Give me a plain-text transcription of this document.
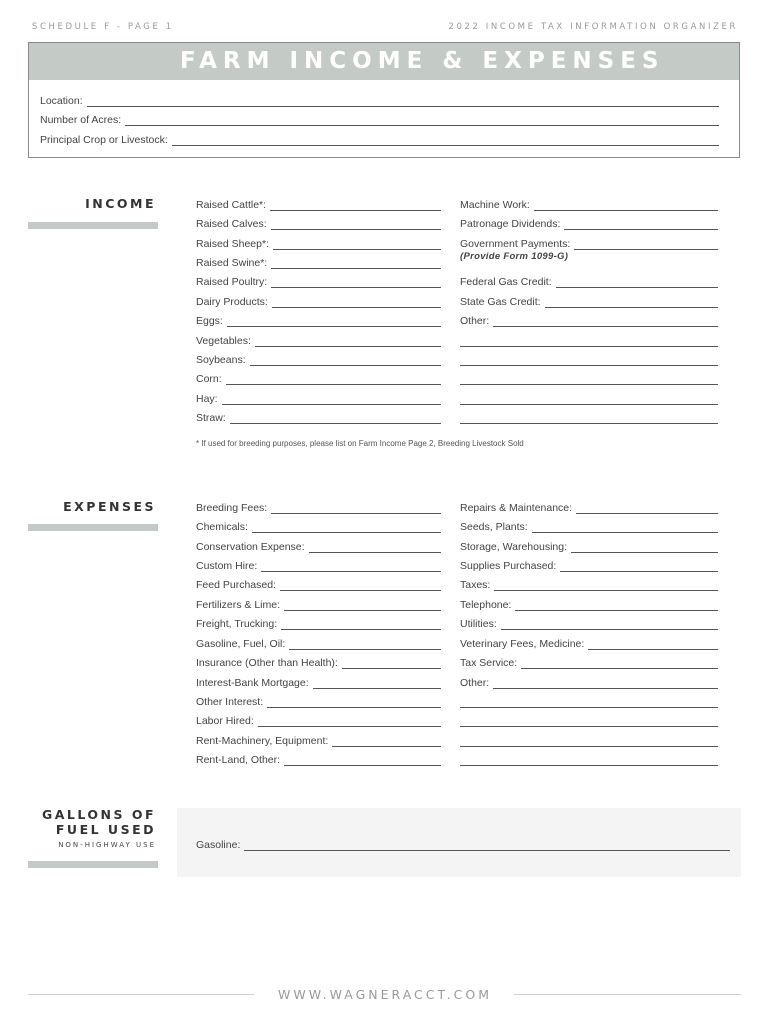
SCHEDULE F - PAGE 1	2022 INCOME TAX INFORMATION ORGANIZER
FARM INCOME & EXPENSES
Location:
Number of Acres:
Principal Crop or Livestock:
INCOME	Raised Cattle*:
Raised Calves:
Raised Sheep*:
Raised Swine*:
Raised Poultry:
Dairy Products:
Eggs:
Vegetables:
Soybeans:
Corn:
Hay:
Straw:
Machine Work:
Patronage Dividends:
Government Payments:
Federal Gas Credit:
State Gas Credit:
Other:
(Provide Form 1099-G)
* If used for breeding purposes, please list on Farm Income Page 2, Breeding Livestock Sold
EXPENSES	Breeding Fees:
Chemicals:
Conservation Expense:
Custom Hire:
Feed Purchased:
Fertilizers & Lime:
Freight, Trucking:
Gasoline, Fuel, Oil:
Insurance (Other than Health):
Interest-Bank Mortgage:
Other Interest:
Labor Hired:
Rent-Machinery, Equipment:
Rent-Land, Other:
Repairs & Maintenance:
Seeds, Plants:
Storage, Warehousing:
Supplies Purchased:
Taxes:
Telephone:
Utilities:
Veterinary Fees, Medicine:
Tax Service:
Other:
GALLONS OF
FUEL USED
NON-HIGHWAY USE	Gasoline:
WWW.WAGNERACCT.COM
